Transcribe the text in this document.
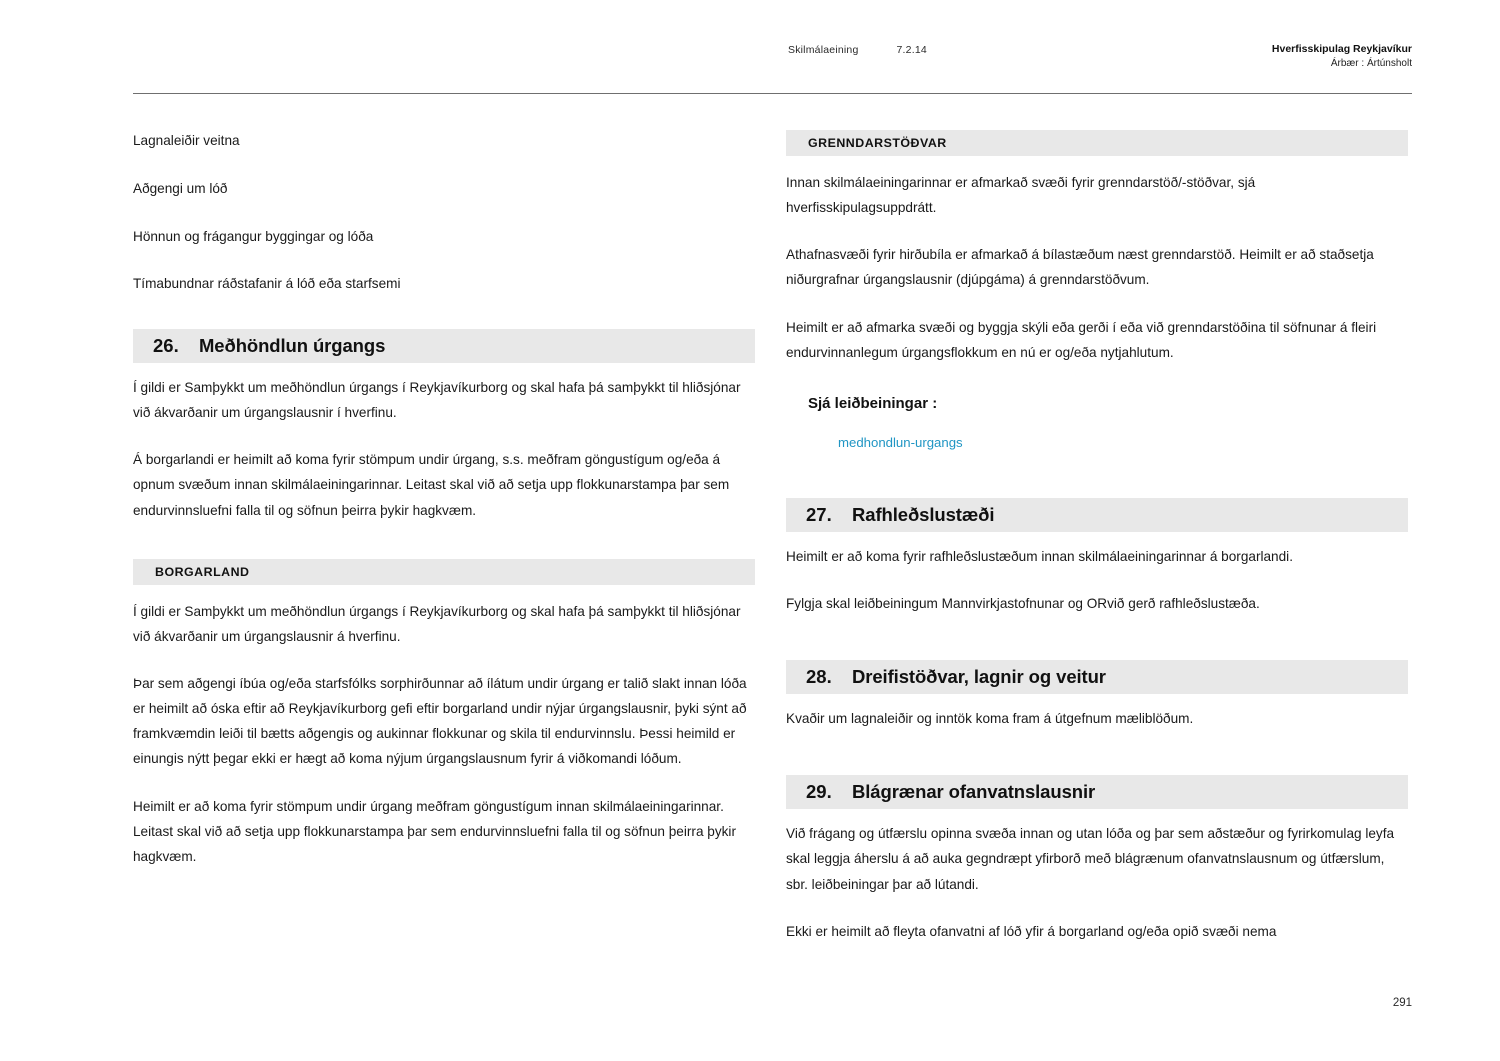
Skilmálaeining	7.2.14	Hverfisskipulag Reykjavíkur
Árbær : Ártúnsholt

Lagnaleiðir veitna

Aðgengi um lóð

Hönnun og frágangur byggingar og lóða

Tímabundnar ráðstafanir á lóð eða starfsemi

26.	Meðhöndlun úrgangs

Í gildi er Samþykkt um meðhöndlun úrgangs í Reykjavíkurborg og skal hafa þá samþykkt til hliðsjónar við ákvarðanir um úrgangslausnir í hverfinu.

Á borgarlandi er heimilt að koma fyrir stömpum undir úrgang, s.s. meðfram göngustígum og/eða á opnum svæðum innan skilmálaeiningarinnar. Leitast skal við að setja upp flokkunarstampa þar sem endurvinnsluefni falla til og söfnun þeirra þykir hagkvæm.

BORGARLAND

Í gildi er Samþykkt um meðhöndlun úrgangs í Reykjavíkurborg og skal hafa þá samþykkt til hliðsjónar við ákvarðanir um úrgangslausnir á hverfinu.

Þar sem aðgengi íbúa og/eða starfsfólks sorphirðunnar að ílátum undir úrgang er talið slakt innan lóða er heimilt að óska eftir að Reykjavíkurborg gefi eftir borgarland undir nýjar úrgangslausnir, þyki sýnt að framkvæmdin leiði til bætts aðgengis og aukinnar flokkunar og skila til endurvinnslu. Þessi heimild er einungis nýtt þegar ekki er hægt að koma nýjum úrgangslausnum fyrir á viðkomandi lóðum.

Heimilt er að koma fyrir stömpum undir úrgang meðfram göngustígum innan skilmálaeiningarinnar. Leitast skal við að setja upp flokkunarstampa þar sem endurvinnsluefni falla til og söfnun þeirra þykir hagkvæm.

GRENNDARSTÖÐVAR

Innan skilmálaeiningarinnar er afmarkað svæði fyrir grenndarstöð/-stöðvar, sjá hverfisskipulagsuppdrátt.

Athafnasvæði fyrir hirðubíla er afmarkað á bílastæðum næst grenndarstöð. Heimilt er að staðsetja niðurgrafnar úrgangslausnir (djúpgáma) á grenndarstöðvum.

Heimilt er að afmarka svæði og byggja skýli eða gerði í eða við grenndarstöðina til söfnunar á fleiri endurvinnanlegum úrgangsflokkum en nú er og/eða nytjahlutum.

Sjá leiðbeiningar :
medhondlun-urgangs
27.	Rafhleðslustæði

Heimilt er að koma fyrir rafhleðslustæðum innan skilmálaeiningarinnar á borgarlandi.

Fylgja skal leiðbeiningum Mannvirkjastofnunar og ORvið gerð rafhleðslustæða.

28.	Dreifistöðvar, lagnir og veitur

Kvaðir um lagnaleiðir og inntök koma fram á útgefnum mæliblöðum.

29.	Blágrænar ofanvatnslausnir

Við frágang og útfærslu opinna svæða innan og utan lóða og þar sem aðstæður og fyrirkomulag leyfa skal leggja áherslu á að auka gegndræpt yfirborð með blágrænum ofanvatnslausnum og útfærslum, sbr. leiðbeiningar þar að lútandi.

Ekki er heimilt að fleyta ofanvatni af lóð yfir á borgarland og/eða opið svæði nema

291
